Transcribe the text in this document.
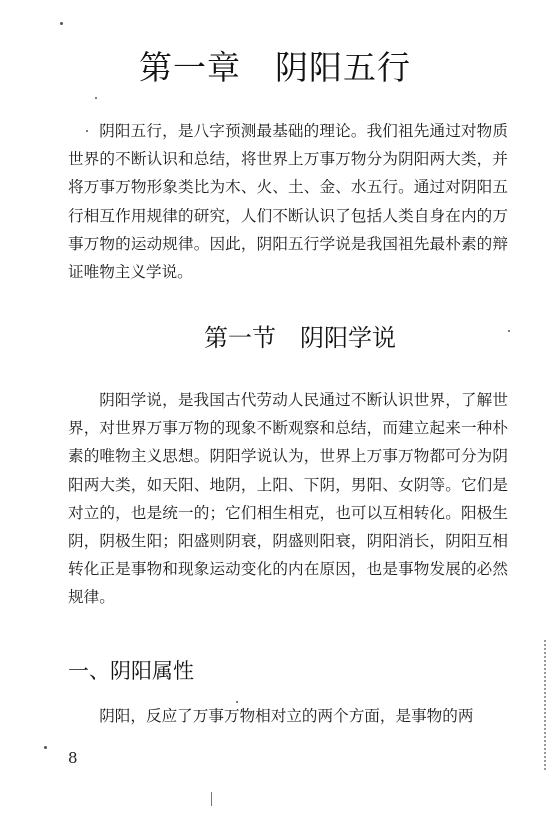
第一章　阴阳五行

阴阳五行，是八字预测最基础的理论。我们祖先通过对物质世界的不断认识和总结，将世界上万事万物分为阴阳两大类，并将万事万物形象类比为木、火、土、金、水五行。通过对阴阳五行相互作用规律的研究，人们不断认识了包括人类自身在内的万事万物的运动规律。因此，阴阳五行学说是我国祖先最朴素的辩证唯物主义学说。

第一节　阴阳学说

阴阳学说，是我国古代劳动人民通过不断认识世界，了解世界，对世界万事万物的现象不断观察和总结，而建立起来一种朴素的唯物主义思想。阴阳学说认为，世界上万事万物都可分为阴阳两大类，如天阳、地阴，上阳、下阴，男阳、女阴等。它们是对立的，也是统一的；它们相生相克，也可以互相转化。阳极生阴，阴极生阳；阳盛则阴衰，阴盛则阳衰，阴阳消长，阴阳互相转化正是事物和现象运动变化的内在原因，也是事物发展的必然规律。

一、阴阳属性

阴阳，反应了万事万物相对立的两个方面，是事物的两

8
